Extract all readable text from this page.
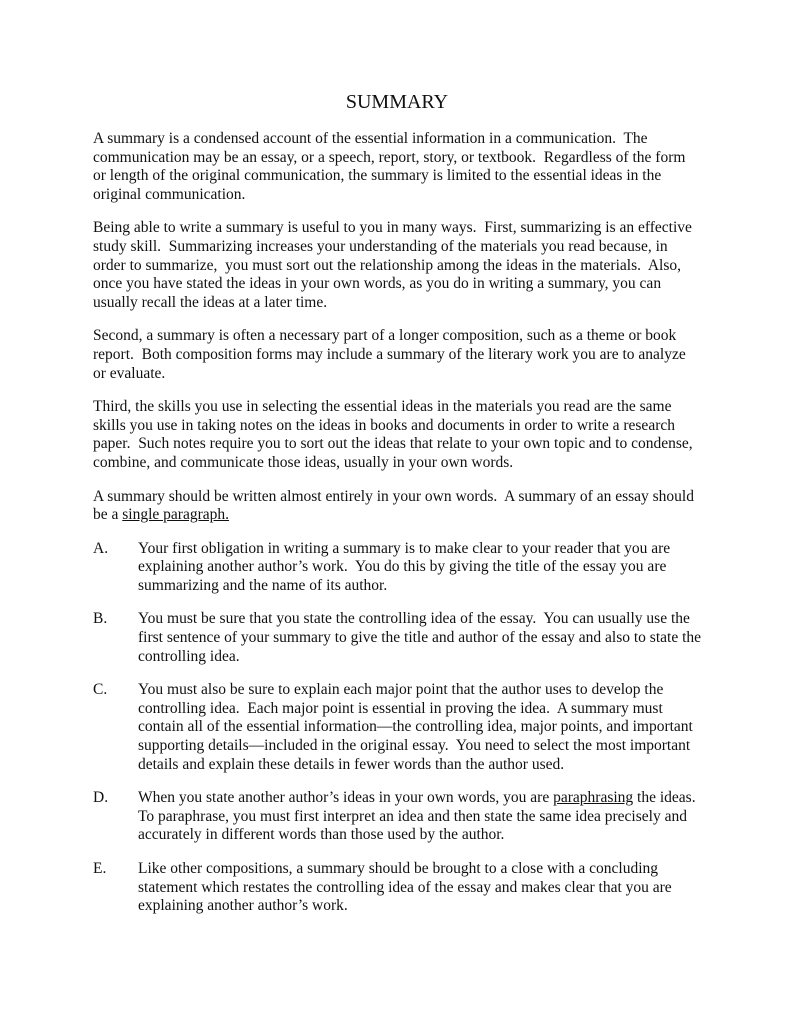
SUMMARY

A summary is a condensed account of the essential information in a communication.  The communication may be an essay, or a speech, report, story, or textbook.  Regardless of the form or length of the original communication, the summary is limited to the essential ideas in the original communication.

Being able to write a summary is useful to you in many ways.  First, summarizing is an effective study skill.  Summarizing increases your understanding of the materials you read because, in order to summarize,  you must sort out the relationship among the ideas in the materials.  Also, once you have stated the ideas in your own words, as you do in writing a summary, you can usually recall the ideas at a later time.

Second, a summary is often a necessary part of a longer composition, such as a theme or book report.  Both composition forms may include a summary of the literary work you are to analyze or evaluate.

Third, the skills you use in selecting the essential ideas in the materials you read are the same skills you use in taking notes on the ideas in books and documents in order to write a research paper.  Such notes require you to sort out the ideas that relate to your own topic and to condense, combine, and communicate those ideas, usually in your own words.

A summary should be written almost entirely in your own words.  A summary of an essay should be a single paragraph.

A.	Your first obligation in writing a summary is to make clear to your reader that you are explaining another author’s work.  You do this by giving the title of the essay you are summarizing and the name of its author.
B.	You must be sure that you state the controlling idea of the essay.  You can usually use the first sentence of your summary to give the title and author of the essay and also to state the controlling idea.
C.	You must also be sure to explain each major point that the author uses to develop the controlling idea.  Each major point is essential in proving the idea.  A summary must contain all of the essential information—the controlling idea, major points, and important supporting details—included in the original essay.  You need to select the most important details and explain these details in fewer words than the author used.
D.	When you state another author’s ideas in your own words, you are paraphrasing the ideas.  To paraphrase, you must first interpret an idea and then state the same idea precisely and accurately in different words than those used by the author.
E.	Like other compositions, a summary should be brought to a close with a concluding statement which restates the controlling idea of the essay and makes clear that you are explaining another author’s work.
